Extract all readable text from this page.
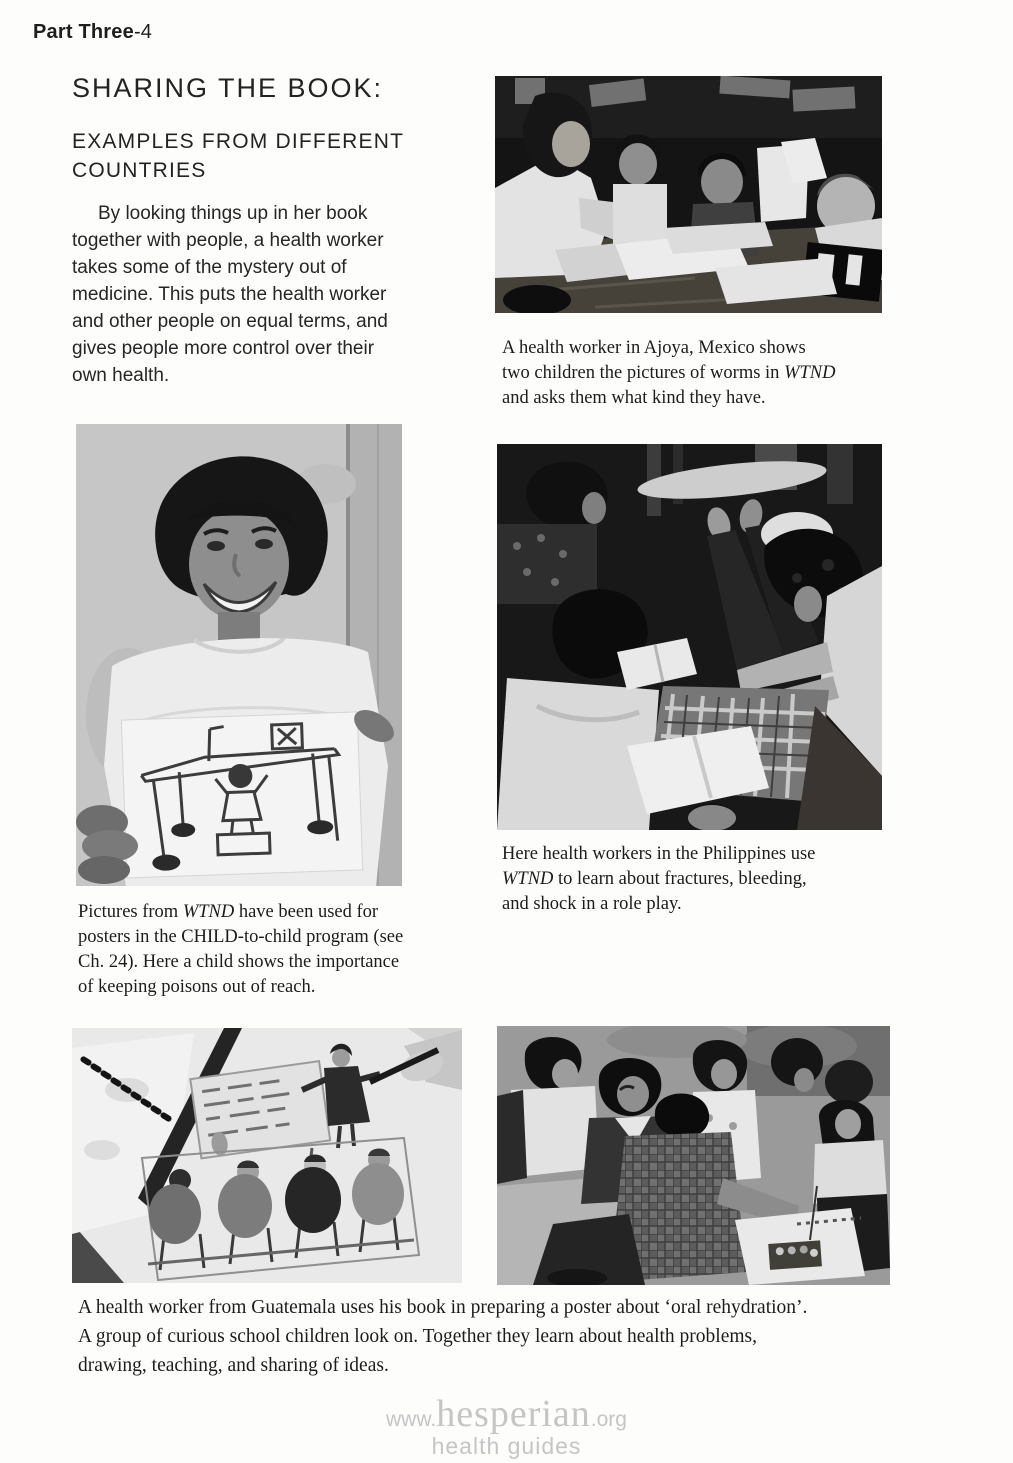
Part Three-4
SHARING THE BOOK:
EXAMPLES FROM DIFFERENT
COUNTRIES
By looking things up in her book
together with people, a health worker
takes some of the mystery out of
medicine. This puts the health worker
and other people on equal terms, and
gives people more control over their
own health.
A health worker in Ajoya, Mexico shows
two children the pictures of worms in WTND
and asks them what kind they have.
Here health workers in the Philippines use
WTND to learn about fractures, bleeding,
and shock in a role play.
Pictures from WTND have been used for
posters in the CHILD-to-child program (see
Ch. 24). Here a child shows the importance
of keeping poisons out of reach.
A health worker from Guatemala uses his book in preparing a poster about ‘oral rehydration’.
A group of curious school children look on. Together they learn about health problems,
drawing, teaching, and sharing of ideas.
www.hesperian.org
health guides
